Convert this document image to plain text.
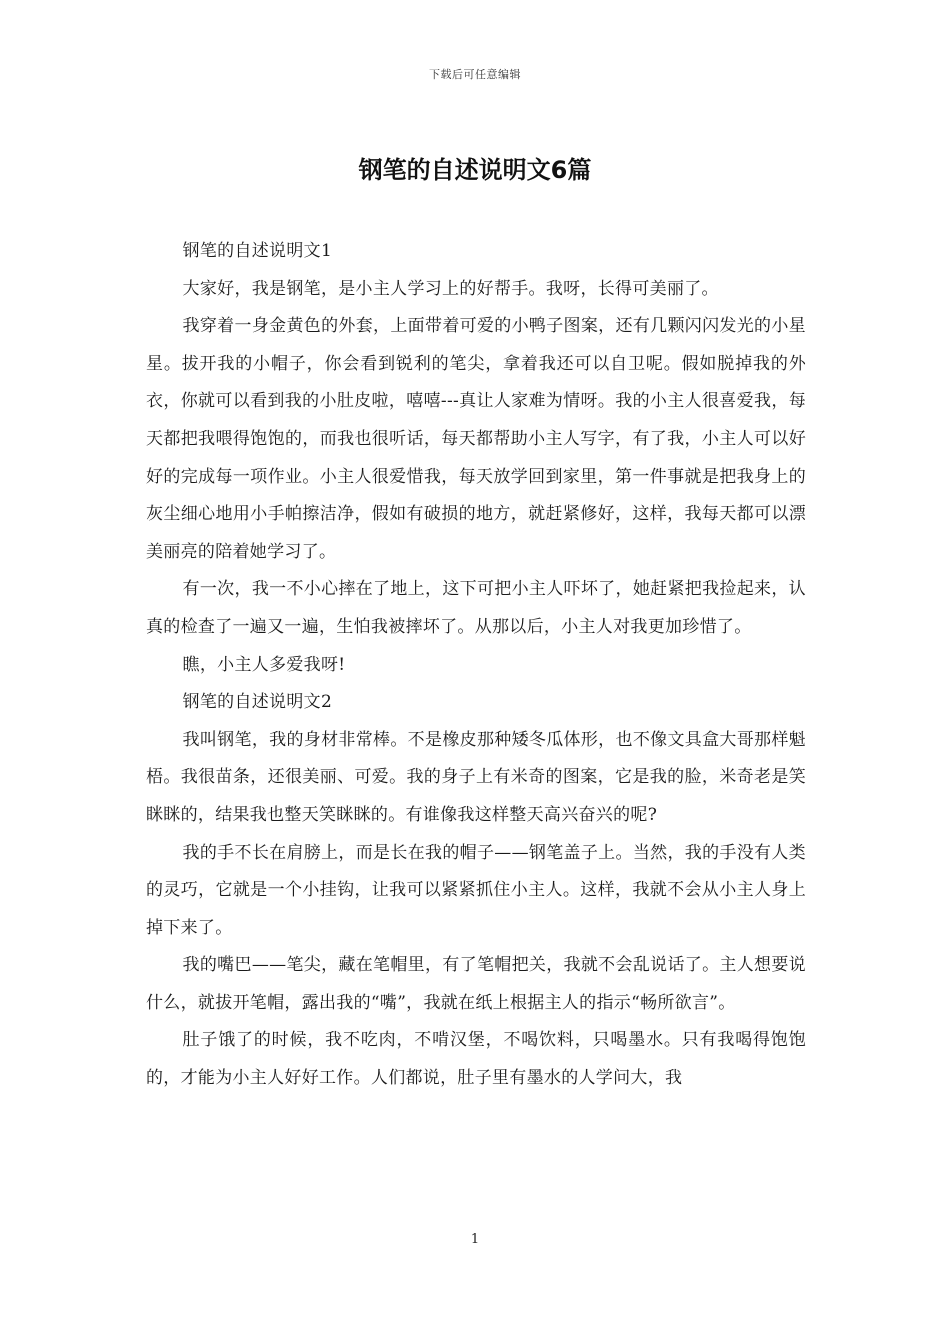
下载后可任意编辑
钢笔的自述说明文6篇

钢笔的自述说明文1

大家好，我是钢笔，是小主人学习上的好帮手。我呀，长得可美丽了。

我穿着一身金黄色的外套，上面带着可爱的小鸭子图案，还有几颗闪闪发光的小星星。拔开我的小帽子，你会看到锐利的笔尖，拿着我还可以自卫呢。假如脱掉我的外衣，你就可以看到我的小肚皮啦，嘻嘻---真让人家难为情呀。我的小主人很喜爱我，每天都把我喂得饱饱的，而我也很听话，每天都帮助小主人写字，有了我，小主人可以好好的完成每一项作业。小主人很爱惜我，每天放学回到家里，第一件事就是把我身上的灰尘细心地用小手帕擦洁净，假如有破损的地方，就赶紧修好，这样，我每天都可以漂美丽亮的陪着她学习了。

有一次，我一不小心摔在了地上，这下可把小主人吓坏了，她赶紧把我捡起来，认真的检查了一遍又一遍，生怕我被摔坏了。从那以后，小主人对我更加珍惜了。

瞧，小主人多爱我呀!

钢笔的自述说明文2

我叫钢笔，我的身材非常棒。不是橡皮那种矮冬瓜体形，也不像文具盒大哥那样魁梧。我很苗条，还很美丽、可爱。我的身子上有米奇的图案，它是我的脸，米奇老是笑眯眯的，结果我也整天笑眯眯的。有谁像我这样整天高兴奋兴的呢?

我的手不长在肩膀上，而是长在我的帽子——钢笔盖子上。当然，我的手没有人类的灵巧，它就是一个小挂钩，让我可以紧紧抓住小主人。这样，我就不会从小主人身上掉下来了。

我的嘴巴——笔尖，藏在笔帽里，有了笔帽把关，我就不会乱说话了。主人想要说什么，就拔开笔帽，露出我的“嘴”，我就在纸上根据主人的指示“畅所欲言”。

肚子饿了的时候，我不吃肉，不啃汉堡，不喝饮料，只喝墨水。只有我喝得饱饱的，才能为小主人好好工作。人们都说，肚子里有墨水的人学问大，我

1
